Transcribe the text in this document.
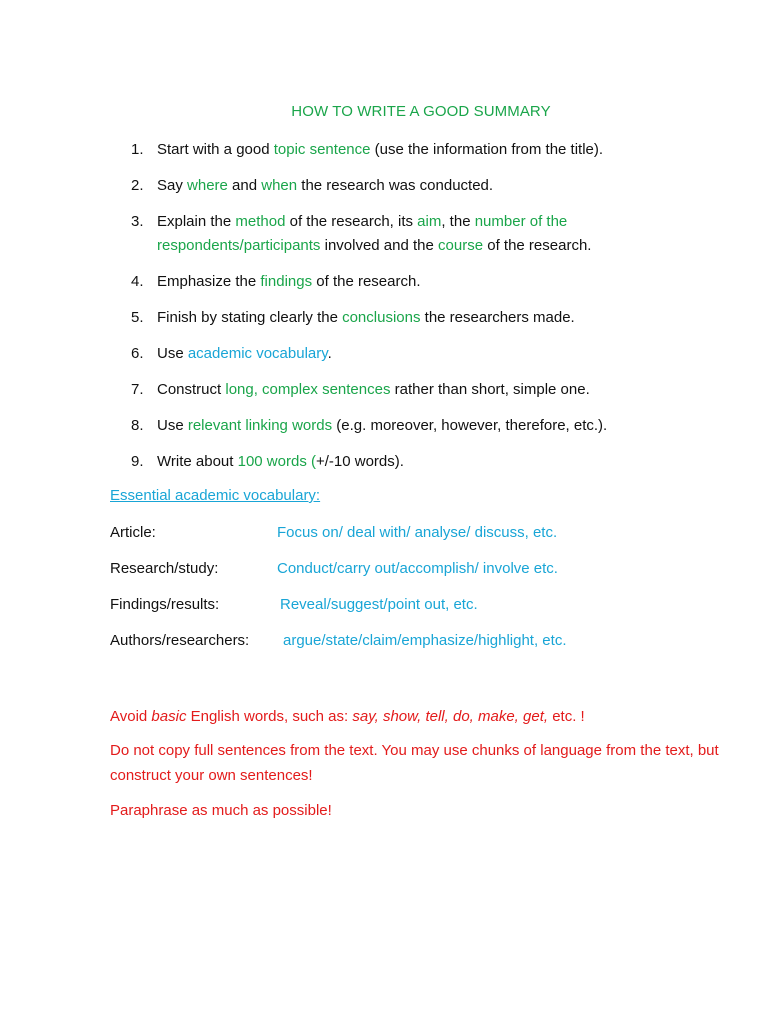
HOW TO WRITE A GOOD SUMMARY
1. Start with a good topic sentence (use the information from the title).
2. Say where and when the research was conducted.
3. Explain the method of the research, its aim, the number of the respondents/participants involved and the course of the research.
4. Emphasize the findings of the research.
5. Finish by stating clearly the conclusions the researchers made.
6. Use academic vocabulary.
7. Construct long, complex sentences rather than short, simple one.
8. Use relevant linking words (e.g. moreover, however, therefore, etc.).
9. Write about 100 words (+/-10 words).
Essential academic vocabulary:
Article:	Focus on/ deal with/ analyse/ discuss, etc.
Research/study:	Conduct/carry out/accomplish/ involve etc.
Findings/results:	Reveal/suggest/point out, etc.
Authors/researchers: argue/state/claim/emphasize/highlight, etc.
Avoid basic English words, such as: say, show, tell, do, make, get, etc. !
Do not copy full sentences from the text. You may use chunks of language from the text, but construct your own sentences!
Paraphrase as much as possible!
